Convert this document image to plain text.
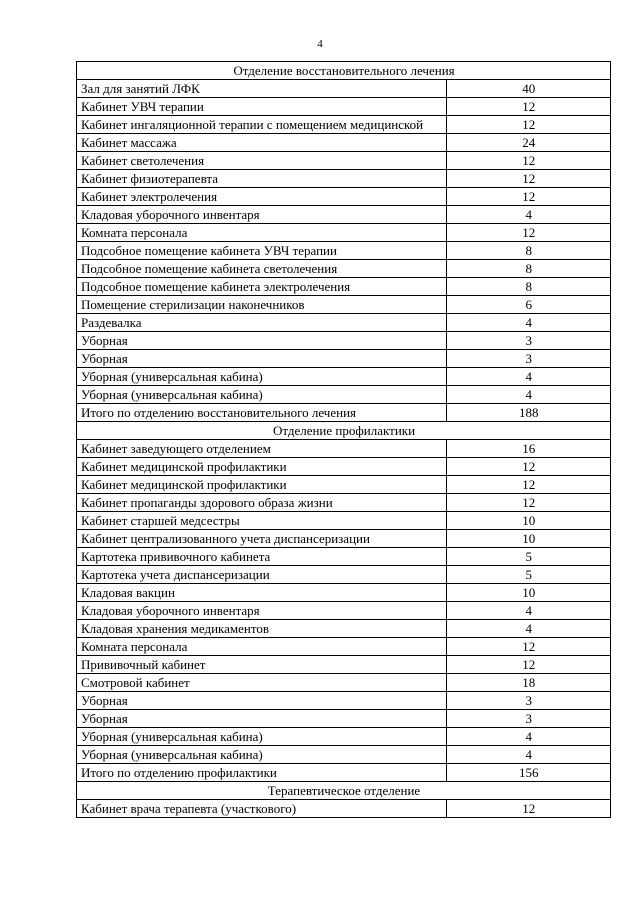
4
Отделение восстановительного лечения	
Зал для занятий ЛФК	40
Кабинет УВЧ терапии	12
Кабинет ингаляционной терапии с помещением медицинской	12
Кабинет массажа	24
Кабинет светолечения	12
Кабинет физиотерапевта	12
Кабинет электролечения	12
Кладовая уборочного инвентаря	4
Комната персонала	12
Подсобное помещение кабинета УВЧ терапии	8
Подсобное помещение кабинета светолечения	8
Подсобное помещение кабинета электролечения	8
Помещение стерилизации наконечников	6
Раздевалка	4
Уборная	3
Уборная	3
Уборная (универсальная кабина)	4
Уборная (универсальная кабина)	4
Итого по отделению восстановительного лечения	188
Отделение профилактики	
Кабинет заведующего отделением	16
Кабинет медицинской профилактики	12
Кабинет медицинской профилактики	12
Кабинет пропаганды здорового образа жизни	12
Кабинет старшей медсестры	10
Кабинет централизованного учета диспансеризации	10
Картотека прививочного кабинета	5
Картотека учета диспансеризации	5
Кладовая вакцин	10
Кладовая уборочного инвентаря	4
Кладовая хранения медикаментов	4
Комната персонала	12
Прививочный кабинет	12
Смотровой кабинет	18
Уборная	3
Уборная	3
Уборная (универсальная кабина)	4
Уборная (универсальная кабина)	4
Итого по отделению профилактики	156
Терапевтическое отделение	
Кабинет врача терапевта (участкового)	12
